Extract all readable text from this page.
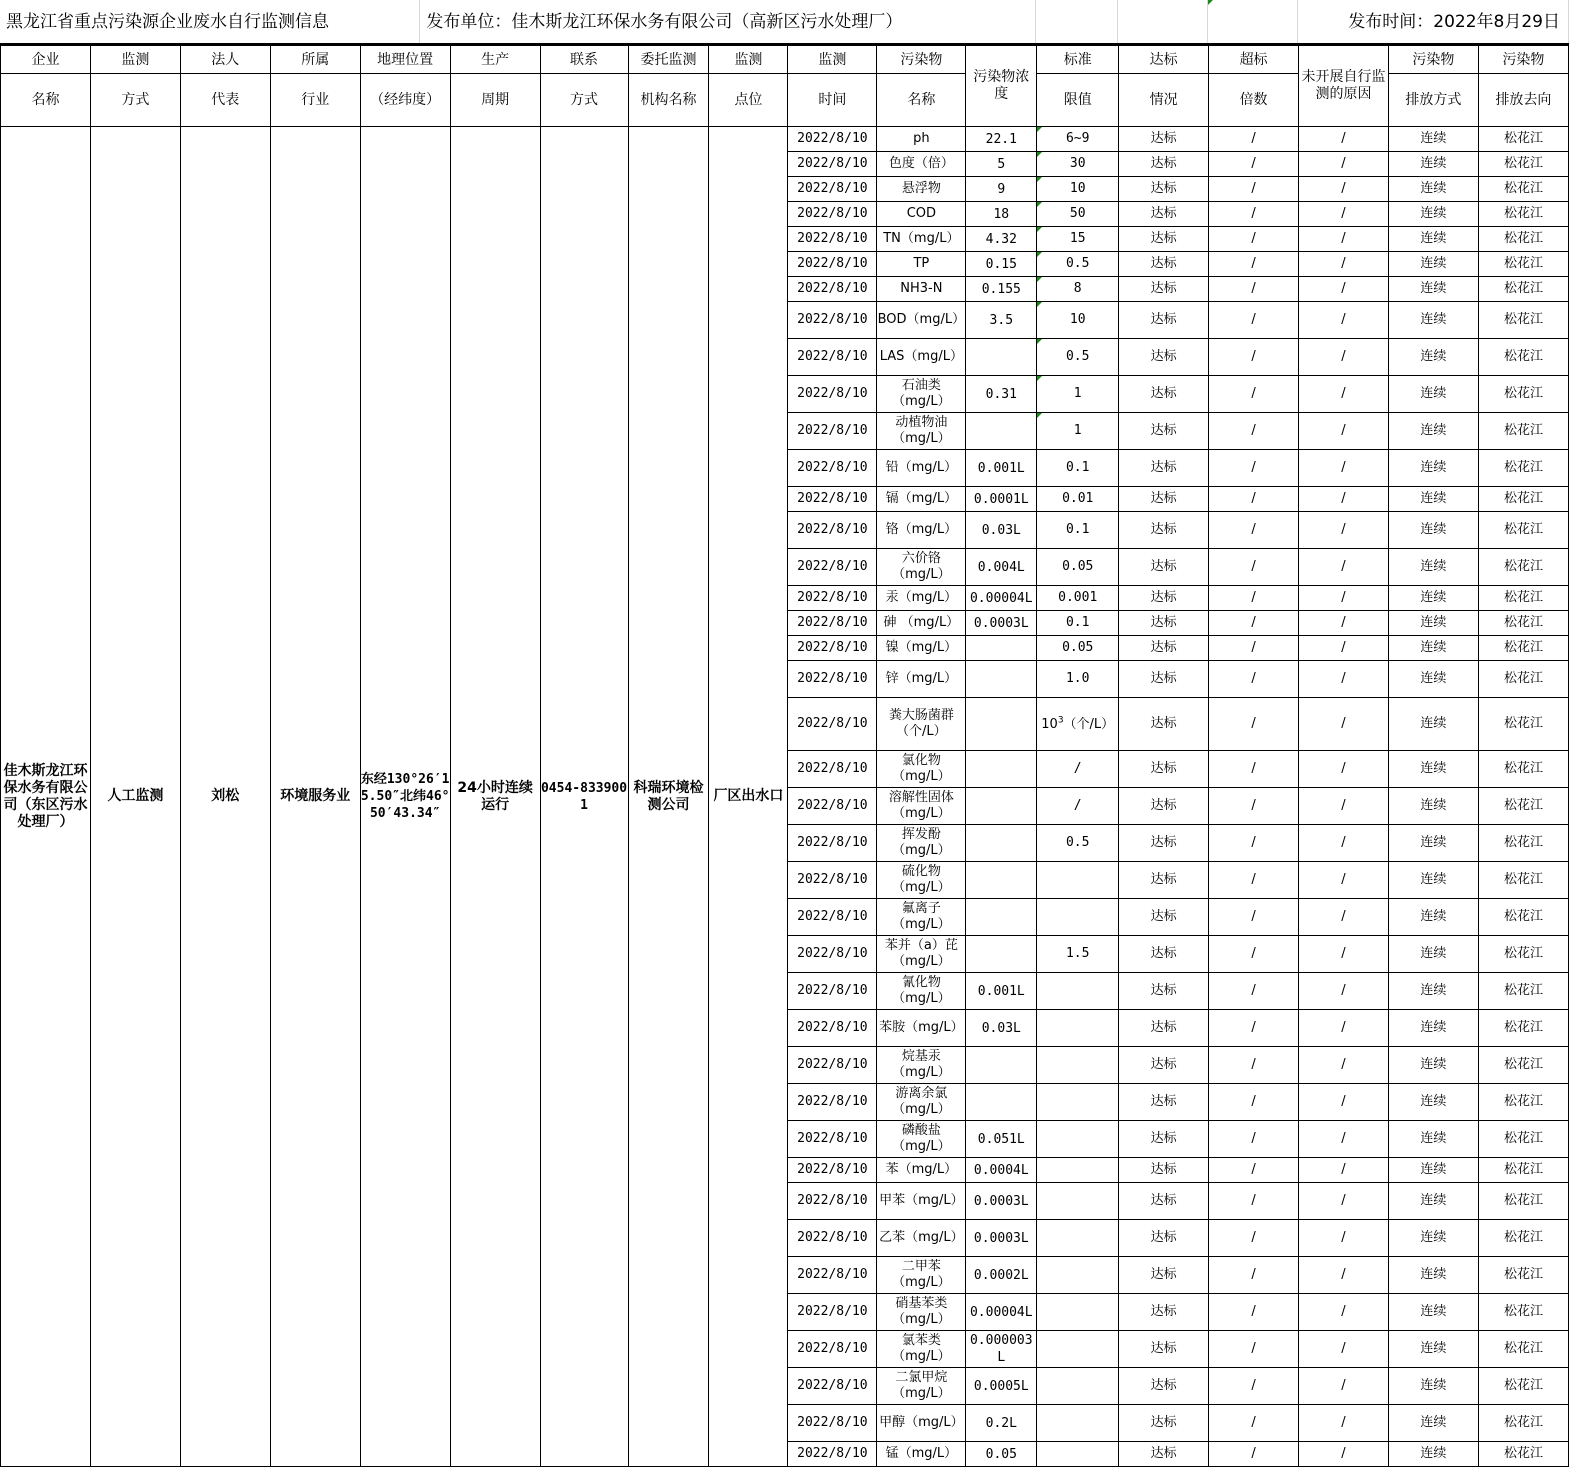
黑龙江省重点污染源企业废水自行监测信息	发布单位：佳木斯龙江环保水务有限公司（高新区污水处理厂）				发布时间：2022年8月29日
企业	监测	法人	所属	地理位置	生产	联系	委托监测	监测	监测	污染物	污染物浓度	标准	达标	超标	未开展自行监测的原因	污染物	污染物
名称	方式	代表	行业	（经纬度）	周期	方式	机构名称	点位	时间	名称		限值	情况	倍数		排放方式	排放去向
佳木斯龙江环保水务有限公司（东区污水处理厂）	人工监测	刘松	环境服务业	东经130°26′15.50″北纬46°50′43.34″	24小时连续运行	0454-8339001	科瑞环境检测公司	厂区出水口	2022/8/10	ph	22.1	6~9	达标	/	/	连续	松花江
									2022/8/10	色度（倍）	5	30	达标	/	/	连续	松花江
									2022/8/10	悬浮物	9	10	达标	/	/	连续	松花江
									2022/8/10	COD	18	50	达标	/	/	连续	松花江
									2022/8/10	TN（mg/L）	4.32	15	达标	/	/	连续	松花江
									2022/8/10	TP	0.15	0.5	达标	/	/	连续	松花江
									2022/8/10	NH3-N	0.155	8	达标	/	/	连续	松花江
									2022/8/10	BOD（mg/L）	3.5	10	达标	/	/	连续	松花江
									2022/8/10	LAS（mg/L）		0.5	达标	/	/	连续	松花江
									2022/8/10	石油类（mg/L）	0.31	1	达标	/	/	连续	松花江
									2022/8/10	动植物油（mg/L）		1	达标	/	/	连续	松花江
									2022/8/10	铅（mg/L）	0.001L	0.1	达标	/	/	连续	松花江
									2022/8/10	镉（mg/L）	0.0001L	0.01	达标	/	/	连续	松花江
									2022/8/10	铬（mg/L）	0.03L	0.1	达标	/	/	连续	松花江
									2022/8/10	六价铬（mg/L）	0.004L	0.05	达标	/	/	连续	松花江
									2022/8/10	汞（mg/L）	0.00004L	0.001	达标	/	/	连续	松花江
									2022/8/10	砷 （mg/L）	0.0003L	0.1	达标	/	/	连续	松花江
									2022/8/10	镍（mg/L）		0.05	达标	/	/	连续	松花江
									2022/8/10	锌（mg/L）		1.0	达标	/	/	连续	松花江
									2022/8/10	粪大肠菌群（个/L）		$10^3$（个/L）	达标	/	/	连续	松花江
									2022/8/10	氯化物（mg/L）		/	达标	/	/	连续	松花江
									2022/8/10	溶解性固体（mg/L）		/	达标	/	/	连续	松花江
									2022/8/10	挥发酚（mg/L）		0.5	达标	/	/	连续	松花江
									2022/8/10	硫化物（mg/L）			达标	/	/	连续	松花江
									2022/8/10	氟离子（mg/L）			达标	/	/	连续	松花江
									2022/8/10	苯并（a）芘（mg/L）		1.5	达标	/	/	连续	松花江
									2022/8/10	氰化物（mg/L）	0.001L		达标	/	/	连续	松花江
									2022/8/10	苯胺（mg/L）	0.03L		达标	/	/	连续	松花江
									2022/8/10	烷基汞（mg/L）			达标	/	/	连续	松花江
									2022/8/10	游离余氯（mg/L）			达标	/	/	连续	松花江
									2022/8/10	磷酸盐（mg/L）	0.051L		达标	/	/	连续	松花江
									2022/8/10	苯（mg/L）	0.0004L		达标	/	/	连续	松花江
									2022/8/10	甲苯（mg/L）	0.0003L		达标	/	/	连续	松花江
									2022/8/10	乙苯（mg/L）	0.0003L		达标	/	/	连续	松花江
									2022/8/10	二甲苯（mg/L）	0.0002L		达标	/	/	连续	松花江
									2022/8/10	硝基苯类（mg/L）	0.00004L		达标	/	/	连续	松花江
									2022/8/10	氯苯类（mg/L）	0.000003L		达标	/	/	连续	松花江
									2022/8/10	二氯甲烷（mg/L）	0.0005L		达标	/	/	连续	松花江
									2022/8/10	甲醇（mg/L）	0.2L		达标	/	/	连续	松花江
									2022/8/10	锰（mg/L）	0.05		达标	/	/	连续	松花江
